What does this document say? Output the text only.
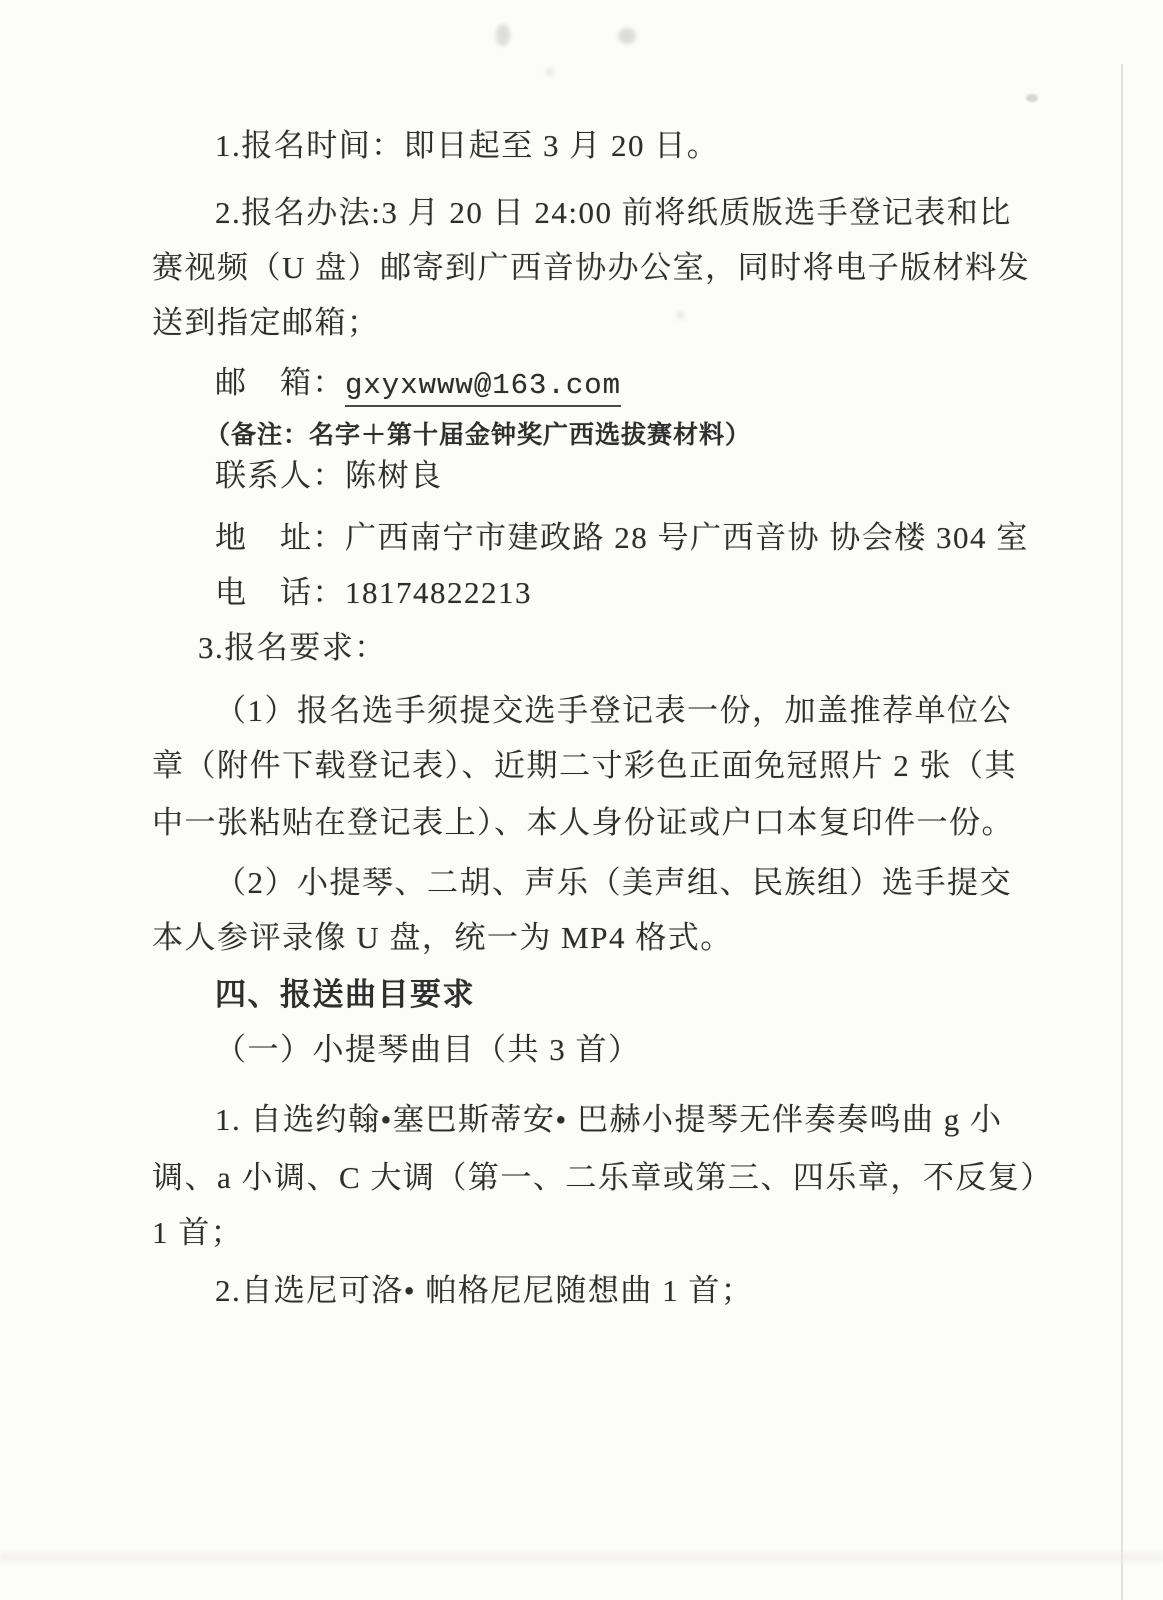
1.报名时间：即日起至 3 月 20 日。
2.报名办法:3 月 20 日 24:00 前将纸质版选手登记表和比
赛视频（U 盘）邮寄到广西音协办公室，同时将电子版材料发
送到指定邮箱；
邮　箱：gxyxwww@163.com
（备注：名字＋第十届金钟奖广西选拔赛材料）
联系人：陈树良
地　址：广西南宁市建政路 28 号广西音协 协会楼 304 室
电　话：18174822213
3.报名要求：
（1）报名选手须提交选手登记表一份，加盖推荐单位公
章（附件下载登记表）、近期二寸彩色正面免冠照片 2 张（其
中一张粘贴在登记表上）、本人身份证或户口本复印件一份。
（2）小提琴、二胡、声乐（美声组、民族组）选手提交
本人参评录像 U 盘，统一为 MP4 格式。
四、报送曲目要求
（一）小提琴曲目（共 3 首）
1. 自选约翰•塞巴斯蒂安• 巴赫小提琴无伴奏奏鸣曲 g 小
调、a 小调、C 大调（第一、二乐章或第三、四乐章，不反复）
1 首；
2.自选尼可洛• 帕格尼尼随想曲 1 首；
